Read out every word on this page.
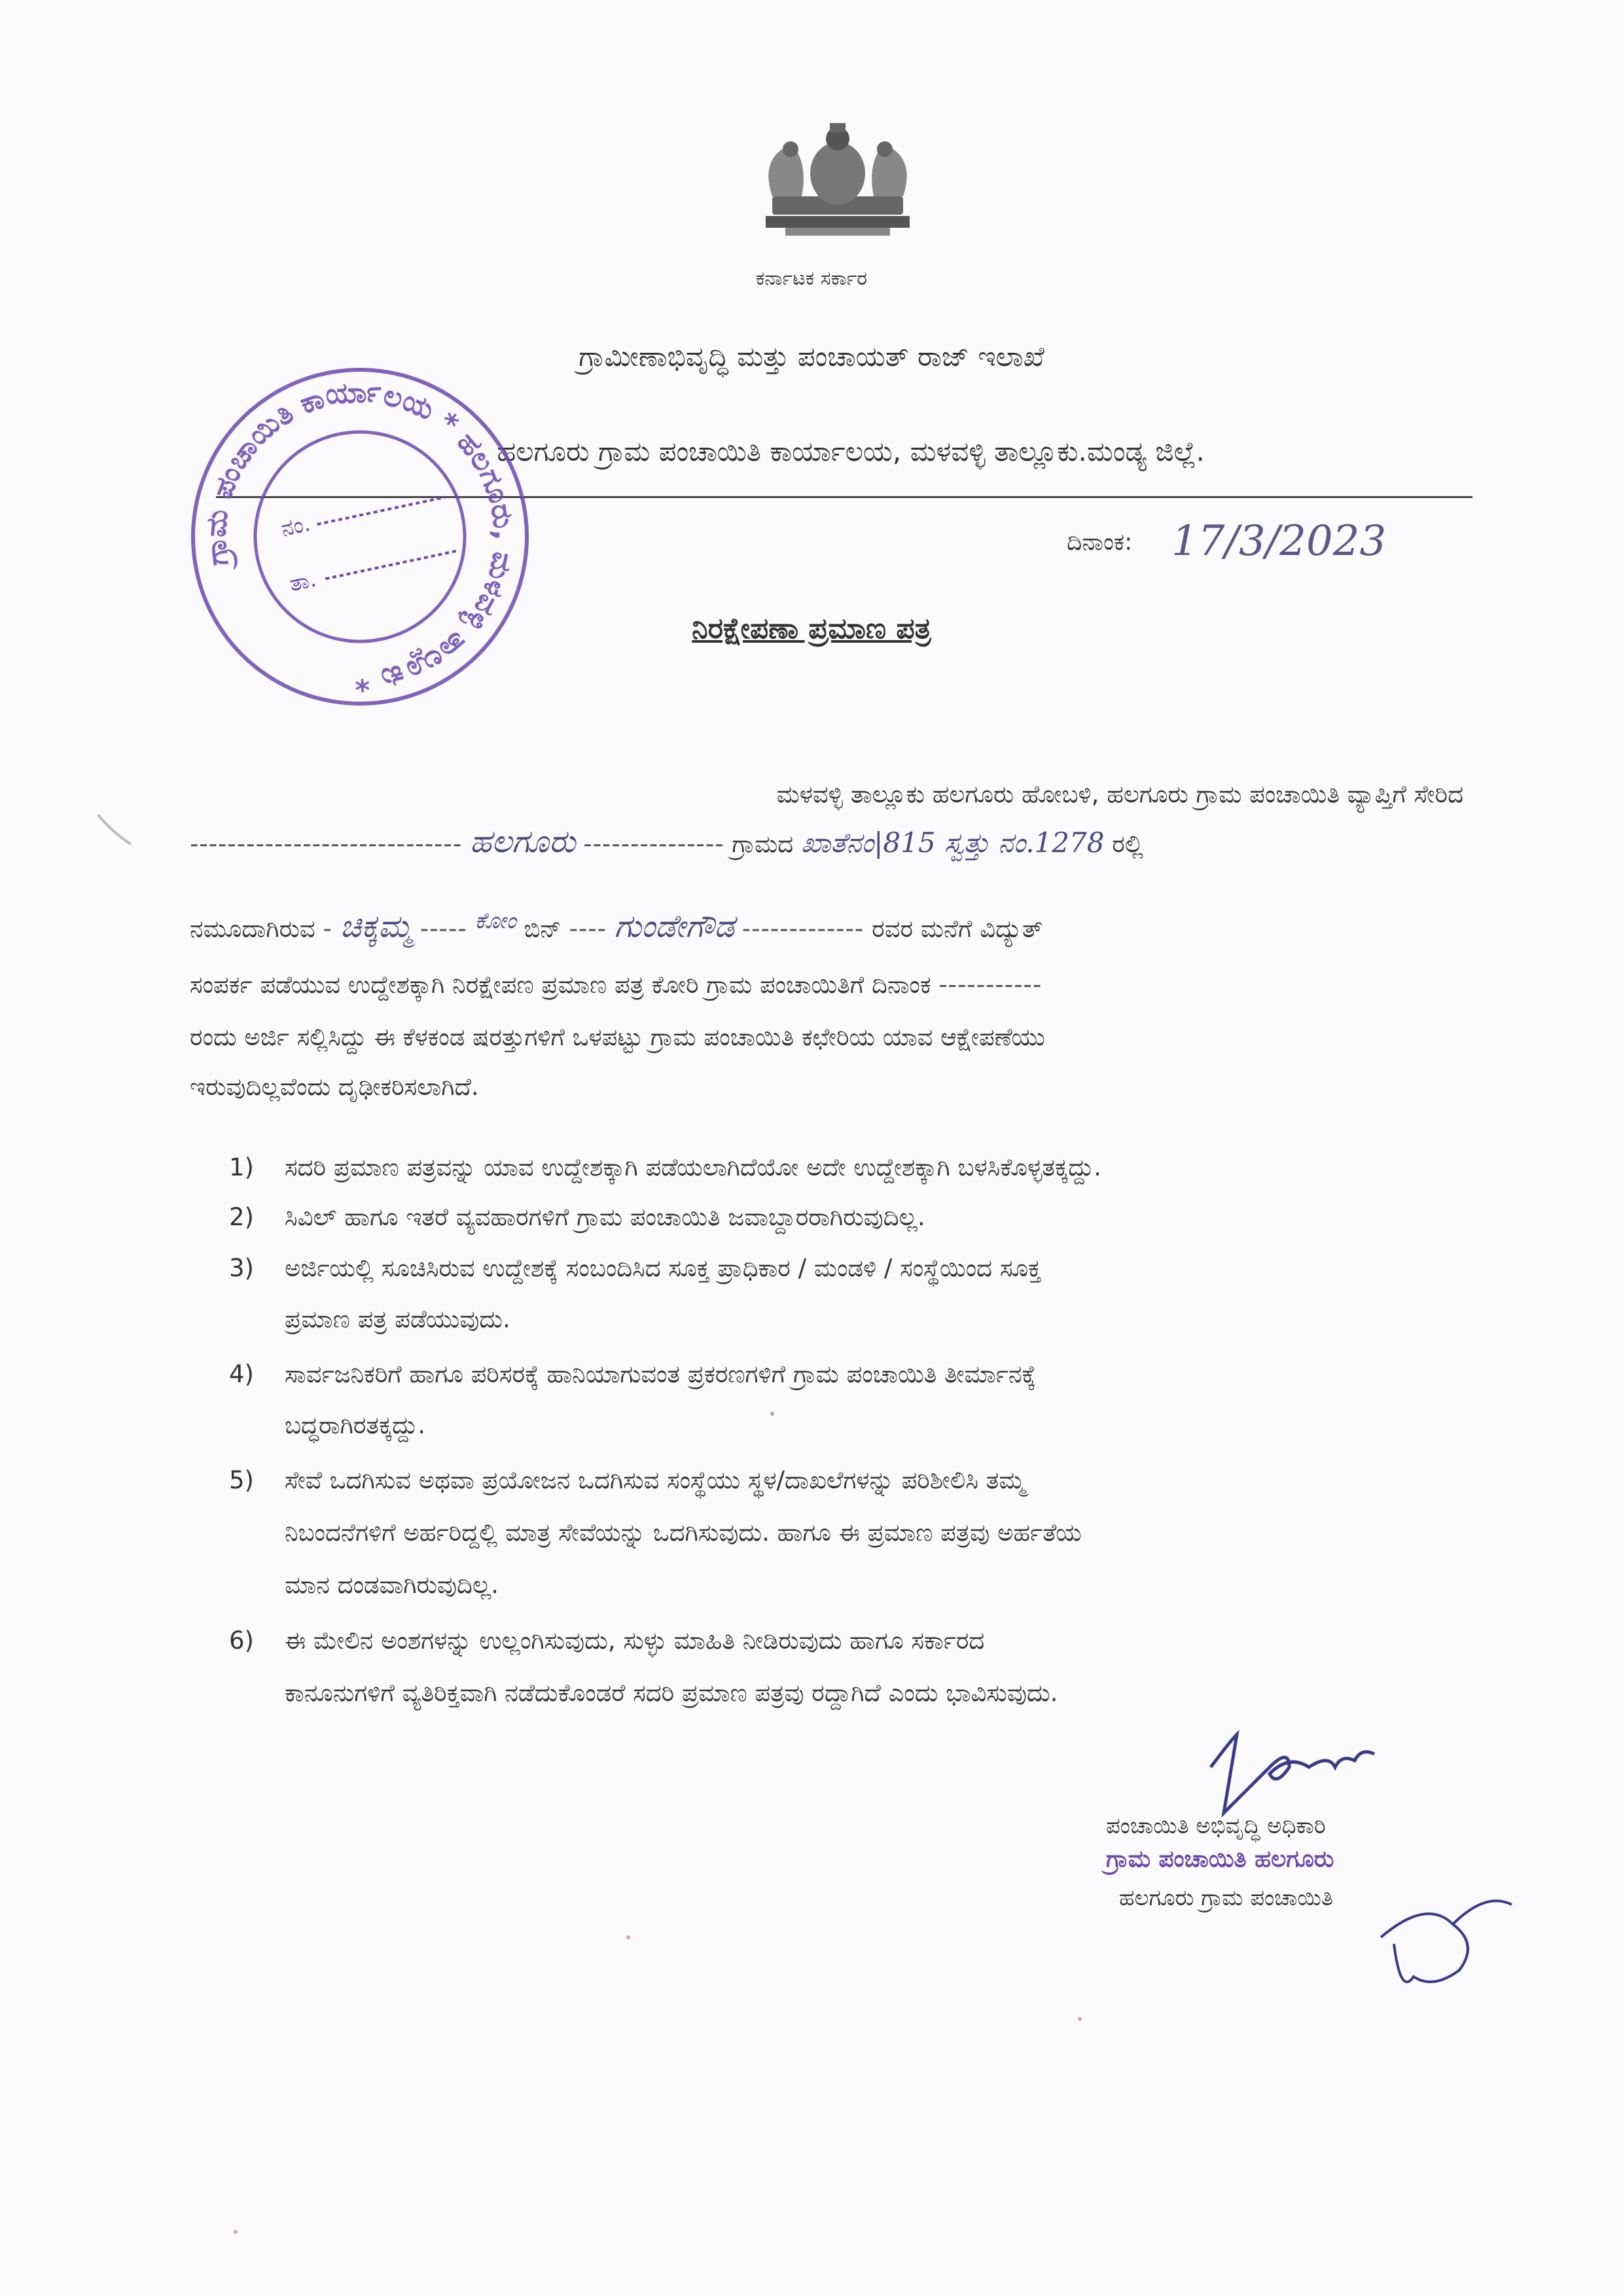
ಕರ್ನಾಟಕ ಸರ್ಕಾರ
ಗ್ರಾಮೀಣಾಭಿವೃದ್ಧಿ ಮತ್ತು ಪಂಚಾಯತ್ ರಾಜ್ ಇಲಾಖೆ
ಹಲಗೂರು ಗ್ರಾಮ ಪಂಚಾಯಿತಿ ಕಾರ್ಯಾಲಯ, ಮಳವಳ್ಳಿ ತಾಲ್ಲೂಕು.ಮಂಡ್ಯ ಜಿಲ್ಲೆ.
ದಿನಾಂಕ: 17/3/2023
ನಿರಕ್ಷೇಪಣಾ ಪ್ರಮಾಣ ಪತ್ರ
ಮಳವಳ್ಳಿ ತಾಲ್ಲೂಕು ಹಲಗೂರು ಹೋಬಳಿ, ಹಲಗೂರು ಗ್ರಾಮ ಪಂಚಾಯಿತಿ ವ್ಯಾಪ್ತಿಗೆ ಸೇರಿದ
----------------------------- ಹಲಗೂರು --------------- ಗ್ರಾಮದ ಖಾತೆನಂ|815 ಸ್ವತ್ತು ನಂ.1278 ರಲ್ಲಿ
ನಮೂದಾಗಿರುವ - ಚಿಕ್ಕಮ್ಮ ----- ಕೋಂ ಬಿನ್ ---- ಗುಂಡೇಗೌಡ ------------- ರವರ ಮನೆಗೆ ವಿದ್ಯುತ್
ಸಂಪರ್ಕ ಪಡೆಯುವ ಉದ್ದೇಶಕ್ಕಾಗಿ ನಿರಕ್ಷೇಪಣ ಪ್ರಮಾಣ ಪತ್ರ ಕೋರಿ ಗ್ರಾಮ ಪಂಚಾಯಿತಿಗೆ ದಿನಾಂಕ -----------
ರಂದು ಅರ್ಜಿ ಸಲ್ಲಿಸಿದ್ದು ಈ ಕೆಳಕಂಡ ಷರತ್ತುಗಳಿಗೆ ಒಳಪಟ್ಟು ಗ್ರಾಮ ಪಂಚಾಯಿತಿ ಕಛೇರಿಯ ಯಾವ ಆಕ್ಷೇಪಣೆಯು
ಇರುವುದಿಲ್ಲವೆಂದು ದೃಢೀಕರಿಸಲಾಗಿದೆ.
1) ಸದರಿ ಪ್ರಮಾಣ ಪತ್ರವನ್ನು ಯಾವ ಉದ್ದೇಶಕ್ಕಾಗಿ ಪಡೆಯಲಾಗಿದೆಯೋ ಅದೇ ಉದ್ದೇಶಕ್ಕಾಗಿ ಬಳಸಿಕೊಳ್ಳತಕ್ಕದ್ದು.
2) ಸಿವಿಲ್ ಹಾಗೂ ಇತರೆ ವ್ಯವಹಾರಗಳಿಗೆ ಗ್ರಾಮ ಪಂಚಾಯಿತಿ ಜವಾಬ್ದಾರರಾಗಿರುವುದಿಲ್ಲ.
3) ಅರ್ಜಿಯಲ್ಲಿ ಸೂಚಿಸಿರುವ ಉದ್ದೇಶಕ್ಕೆ ಸಂಬಂದಿಸಿದ ಸೂಕ್ತ ಪ್ರಾಧಿಕಾರ / ಮಂಡಳಿ / ಸಂಸ್ಥೆಯಿಂದ ಸೂಕ್ತ
ಪ್ರಮಾಣ ಪತ್ರ ಪಡೆಯುವುದು.
4) ಸಾರ್ವಜನಿಕರಿಗೆ ಹಾಗೂ ಪರಿಸರಕ್ಕೆ ಹಾನಿಯಾಗುವಂತ ಪ್ರಕರಣಗಳಿಗೆ ಗ್ರಾಮ ಪಂಚಾಯಿತಿ ತೀರ್ಮಾನಕ್ಕೆ
ಬದ್ಧರಾಗಿರತಕ್ಕದ್ದು.
5) ಸೇವೆ ಒದಗಿಸುವ ಅಥವಾ ಪ್ರಯೋಜನ ಒದಗಿಸುವ ಸಂಸ್ಥೆಯು ಸ್ಥಳ/ದಾಖಲೆಗಳನ್ನು ಪರಿಶೀಲಿಸಿ ತಮ್ಮ
ನಿಬಂದನೆಗಳಿಗೆ ಅರ್ಹರಿದ್ದಲ್ಲಿ ಮಾತ್ರ ಸೇವೆಯನ್ನು ಒದಗಿಸುವುದು. ಹಾಗೂ ಈ ಪ್ರಮಾಣ ಪತ್ರವು ಅರ್ಹತೆಯ
ಮಾನ ದಂಡವಾಗಿರುವುದಿಲ್ಲ.
6) ಈ ಮೇಲಿನ ಅಂಶಗಳನ್ನು ಉಲ್ಲಂಗಿಸುವುದು, ಸುಳ್ಳು ಮಾಹಿತಿ ನೀಡಿರುವುದು ಹಾಗೂ ಸರ್ಕಾರದ
ಕಾನೂನುಗಳಿಗೆ ವ್ಯತಿರಿಕ್ತವಾಗಿ ನಡೆದುಕೊಂಡರೆ ಸದರಿ ಪ್ರಮಾಣ ಪತ್ರವು ರದ್ದಾಗಿದೆ ಎಂದು ಭಾವಿಸುವುದು.
ಗ್ರಾಮ ಪಂಚಾಯಿತಿ ಕಾರ್ಯಾಲಯ * ಹಲಗೂರು, ಮಳವಳ್ಳಿ ತಾಲ್ಲೂಕು *
ನಂ.
ತಾ.
ಪಂಚಾಯಿತಿ ಅಭಿವೃದ್ಧಿ ಅಧಿಕಾರಿ
ಗ್ರಾಮ ಪಂಚಾಯಿತಿ ಹಲಗೂರು
ಹಲಗೂರು ಗ್ರಾಮ ಪಂಚಾಯಿತಿ
